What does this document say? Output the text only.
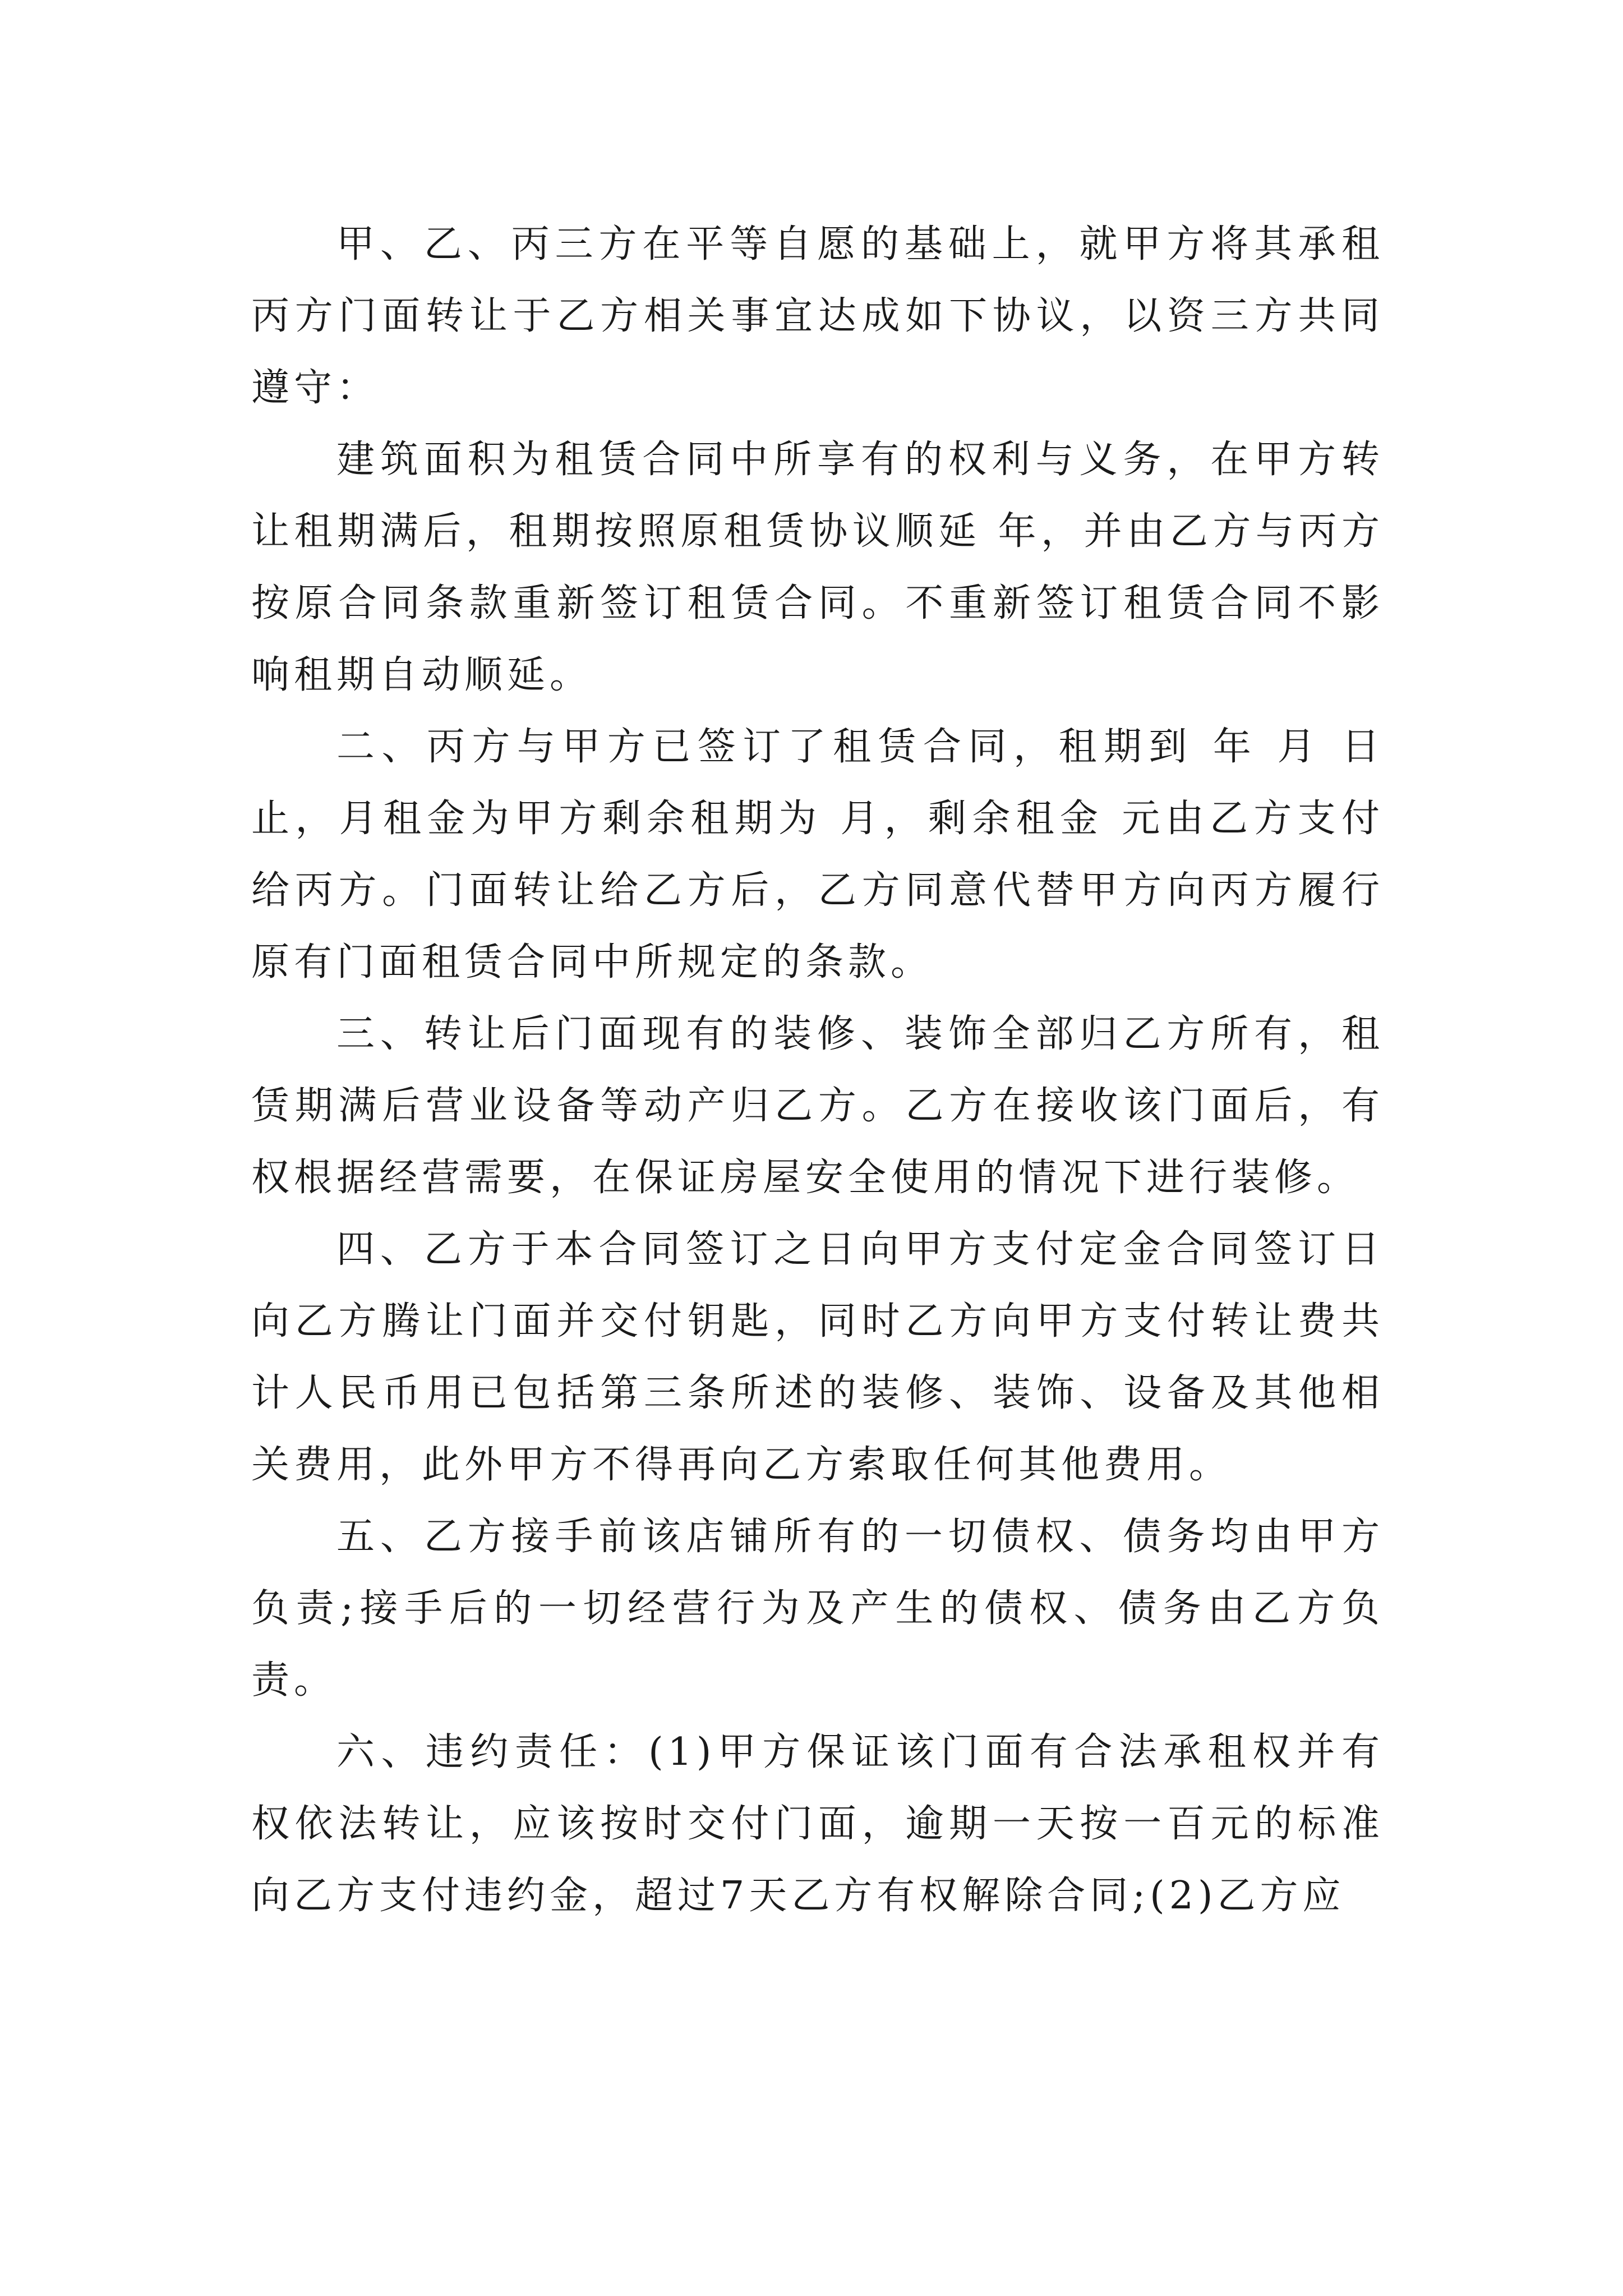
甲、乙、丙三方在平等自愿的基础上，就甲方将其承租丙方门面转让于乙方相关事宜达成如下协议，以资三方共同遵守：

建筑面积为租赁合同中所享有的权利与义务，在甲方转让租期满后，租期按照原租赁协议顺延 年，并由乙方与丙方按原合同条款重新签订租赁合同。不重新签订租赁合同不影响租期自动顺延。

二、丙方与甲方已签订了租赁合同，租期到 年 月 日止，月租金为甲方剩余租期为 月，剩余租金 元由乙方支付给丙方。门面转让给乙方后，乙方同意代替甲方向丙方履行原有门面租赁合同中所规定的条款。

三、转让后门面现有的装修、装饰全部归乙方所有，租赁期满后营业设备等动产归乙方。乙方在接收该门面后，有权根据经营需要，在保证房屋安全使用的情况下进行装修。

四、乙方于本合同签订之日向甲方支付定金合同签订日向乙方腾让门面并交付钥匙，同时乙方向甲方支付转让费共计人民币用已包括第三条所述的装修、装饰、设备及其他相关费用，此外甲方不得再向乙方索取任何其他费用。

五、乙方接手前该店铺所有的一切债权、债务均由甲方负责;接手后的一切经营行为及产生的债权、债务由乙方负责。

六、违约责任：(1)甲方保证该门面有合法承租权并有权依法转让，应该按时交付门面，逾期一天按一百元的标准向乙方支付违约金，超过7天乙方有权解除合同;(2)乙方应
